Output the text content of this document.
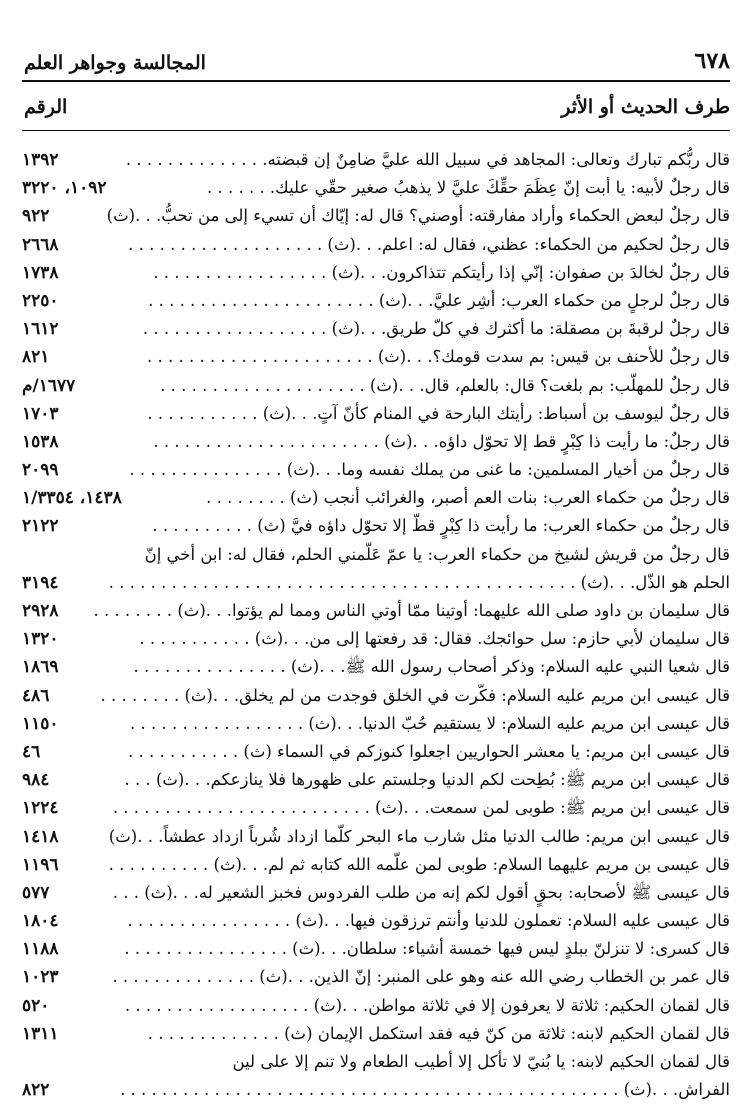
٦٧٨
المجالسة وجواهر العلم
طرف الحديث أو الأثر
الرقم
قال ربُّكم تبارك وتعالى: المجاهد في سبيل الله عليَّ ضامِنٌ إن قبضته. . . . . . . . . . . . . .
١٣٩٢
قال رجلٌ لأبيه: يا أبت إنّ عِظَمَ حقِّكَ عليَّ لا يذهبُ صغير حقّي عليك. . . . . . .
١٠٩٢، ٣٢٢٠
قال رجلٌ لبعض الحكماء وأراد مفارقته: أوصني؟ قال له: إيّاك أن تسيء إلى من تحبُّ. . .(ث)
٩٢٢
قال رجلٌ لحكيم من الحكماء: عظني، فقال له: اعلم. . .(ث) . . . . . . . . . . . . . . . . . . .
٢٦٦٨
قال رجلٌ لخالدَ بن صفوان: إنّي إذا رأيتكم تتذاكرون. . .(ث) . . . . . . . . . . . . . . . . .
١٧٣٨
قال رجلٌ لرجلٍ من حكماء العرب: أشِر عليَّ. . .(ث) . . . . . . . . . . . . . . . . . . . . . .
٢٢٥٠
قال رجلٌ لرقبةَ بن مصقلة: ما أكثرك في كلّ طريق. . .(ث) . . . . . . . . . . . . . . . . . .
١٦١٢
قال رجلٌ للأحنف بن قيس: بم سدت قومك؟. . .(ث) . . . . . . . . . . . . . . . . . . . . . .
٨٢١
قال رجلٌ للمهلّب: بم بلغت؟ قال: بالعلم، قال. . .(ث) . . . . . . . . . . . . . . . . . . . .
١٦٧٧/م
قال رجلٌ ليوسف بن أسباط: رأيتك البارحة في المنام كأنّ آتٍ. . .(ث) . . . . . . . . . . .
١٧٠٣
قال رجلٌ: ما رأيت ذا كِبْرٍ قط إلا تحوّل داؤه. . .(ث) . . . . . . . . . . . . . . . . . . . . . .
١٥٣٨
قال رجلٌ من أخيار المسلمين: ما غنى من يملك نفسه وما. . .(ث) . . . . . . . . . . . . . . .
٢٠٩٩
قال رجلٌ من حكماء العرب: بنات العم أصبر، والغرائب أنجب (ث) . . . . . . . .
١٤٣٨، ١/٣٣٥٤
قال رجلٌ من حكماء العرب: ما رأيت ذا كِبْرٍ قطّ إلا تحوّل داؤه فيَّ (ث) . . . . . . . . . .
٢١٢٢
قال رجلٌ من قريش لشيخ من حكماء العرب: يا عمّ عَلّمني الحلم، فقال له: ابن أخي إنّ
الحلم هو الذّل. . .(ث) . . . . . . . . . . . . . . . . . . . . . . . . . . . . . . . . . . . . . . . . . . . . .
٣١٩٤
قال سليمان بن داود صلى الله عليهما: أوتينا ممّا أوتي الناس ومما لم يؤتوا. . .(ث) . . . . . . . .
٢٩٢٨
قال سليمان لأبي حازم: سل حوائجك. فقال: قد رفعتها إلى من. . .(ث) . . . . . . . . . . .
١٣٢٠
قال شعيا النبي عليه السلام: وذكر أصحاب رسول الله ﷺ. . .(ث) . . . . . . . . . . . . . . .
١٨٦٩
قال عيسى ابن مريم عليه السلام: فكّرت في الخلق فوجدت من لم يخلق. . .(ث) . . . . . . . .
٤٨٦
قال عيسى ابن مريم عليه السلام: لا يستقيم حُبّ الدنيا. . .(ث) . . . . . . . . . . . . . . . . .
١١٥٠
قال عيسى ابن مريم: يا معشر الحواريين اجعلوا كنوزكم في السماء (ث) . . . . . . . . . . .
٤٦
قال عيسى ابن مريم ﷺ: بُطِحت لكم الدنيا وجلستم على ظهورها فلا ينازعكم. . .(ث) . . .
٩٨٤
قال عيسى ابن مريم ﷺ: طوبى لمن سمعت. . .(ث) . . . . . . . . . . . . . . . . . . . . . . . . .
١٢٢٤
قال عيسى ابن مريم: طالب الدنيا مثل شارب ماء البحر كلّما ازداد شُرباً ازداد عطشاً. . .(ث)
١٤١٨
قال عيسى بن مريم عليهما السلام: طوبى لمن علّمه الله كتابه ثم لم. . .(ث) . . . . . . . . . .
١١٩٦
قال عيسى ﷺ لأصحابه: بحقٍ أقول لكم إنه من طلب الفردوس فخبز الشعير له. . .(ث) . . .
٥٧٧
قال عيسى عليه السلام: تعملون للدنيا وأنتم ترزقون فيها. . .(ث) . . . . . . . . . . . . . . . .
١٨٠٤
قال كسرى: لا تنزلنّ ببلدٍ ليس فيها خمسة أشياء: سلطان. . .(ث) . . . . . . . . . . . . . . . .
١١٨٨
قال عمر بن الخطاب رضي الله عنه وهو على المنبر: إنّ الذين. . .(ث) . . . . . . . . . . . . . .
١٠٢٣
قال لقمان الحكيم: ثلاثة لا يعرفون إلا في ثلاثة مواطن. . .(ث) . . . . . . . . . . . . . . . . . .
٥٢٠
قال لقمان الحكيم لابنه: ثلاثة من كنّ فيه فقد استكمل الإيمان (ث) . . . . . . . . . . . . .
١٣١١
قال لقمان الحكيم لابنه: يا بُنيّ لا تأكل إلا أطيب الطعام ولا تنم إلا على لين
الفراش. . .(ث) . . . . . . . . . . . . . . . . . . . . . . . . . . . . . . . . . . . . . . . . . . . . . . . .
٨٢٢
